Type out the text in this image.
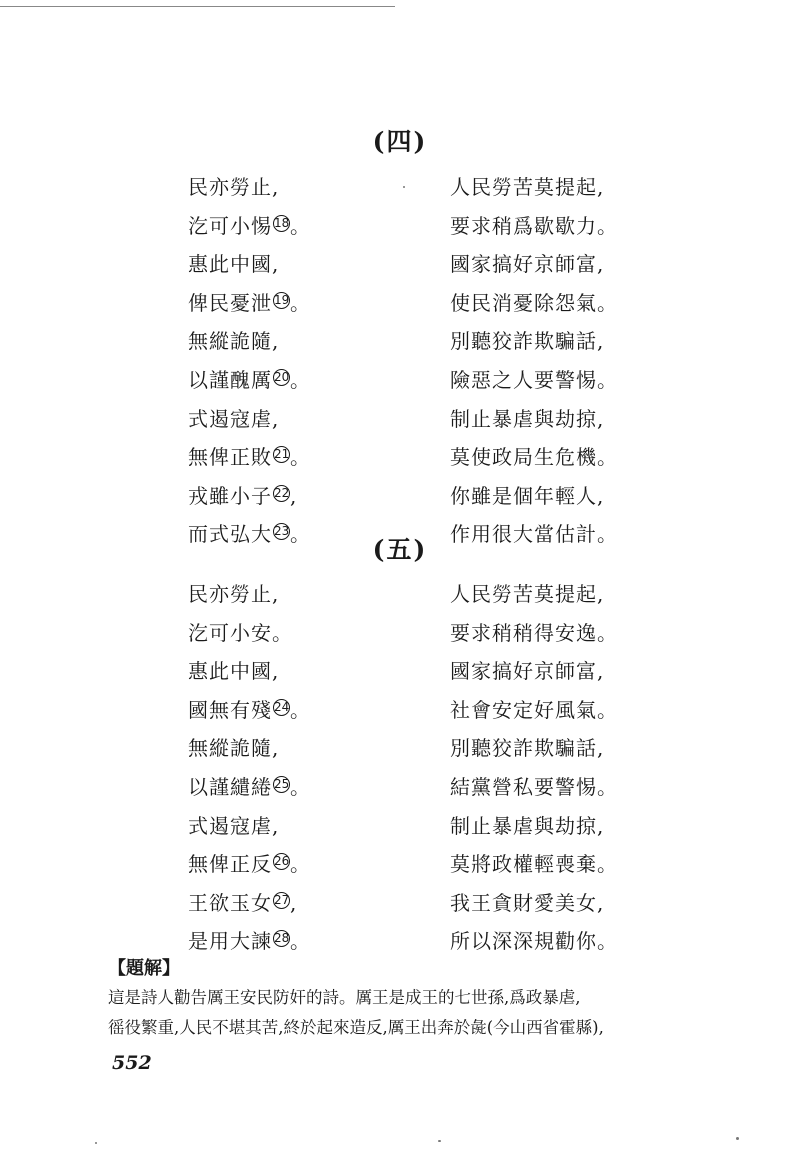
(四)
民亦勞止,	人民勞苦莫提起,
汔可小惕 18。	要求稍爲歇歇力。
惠此中國,	國家搞好京師富,
俾民憂泄 19。	使民消憂除怨氣。
無縱詭隨,	別聽狡詐欺騙話,
以謹醜厲 20。	險惡之人要警惕。
式遏寇虐,	制止暴虐與劫掠,
無俾正敗 21。	莫使政局生危機。
戎雖小子 22,	你雖是個年輕人,
而式弘大 23。	作用很大當估計。
(五)
民亦勞止,	人民勞苦莫提起,
汔可小安。	要求稍稍得安逸。
惠此中國,	國家搞好京師富,
國無有殘 24。	社會安定好風氣。
無縱詭隨,	別聽狡詐欺騙話,
以謹繾綣 25。	結黨營私要警惕。
式遏寇虐,	制止暴虐與劫掠,
無俾正反 26。	莫將政權輕喪棄。
王欲玉女 27,	我王貪財愛美女,
是用大諫 28。	所以深深規勸你。
【題解】
這是詩人勸告厲王安民防奸的詩。厲王是成王的七世孫,爲政暴虐,
徭役繁重,人民不堪其苦,終於起來造反,厲王出奔於彘(今山西省霍縣),
552
